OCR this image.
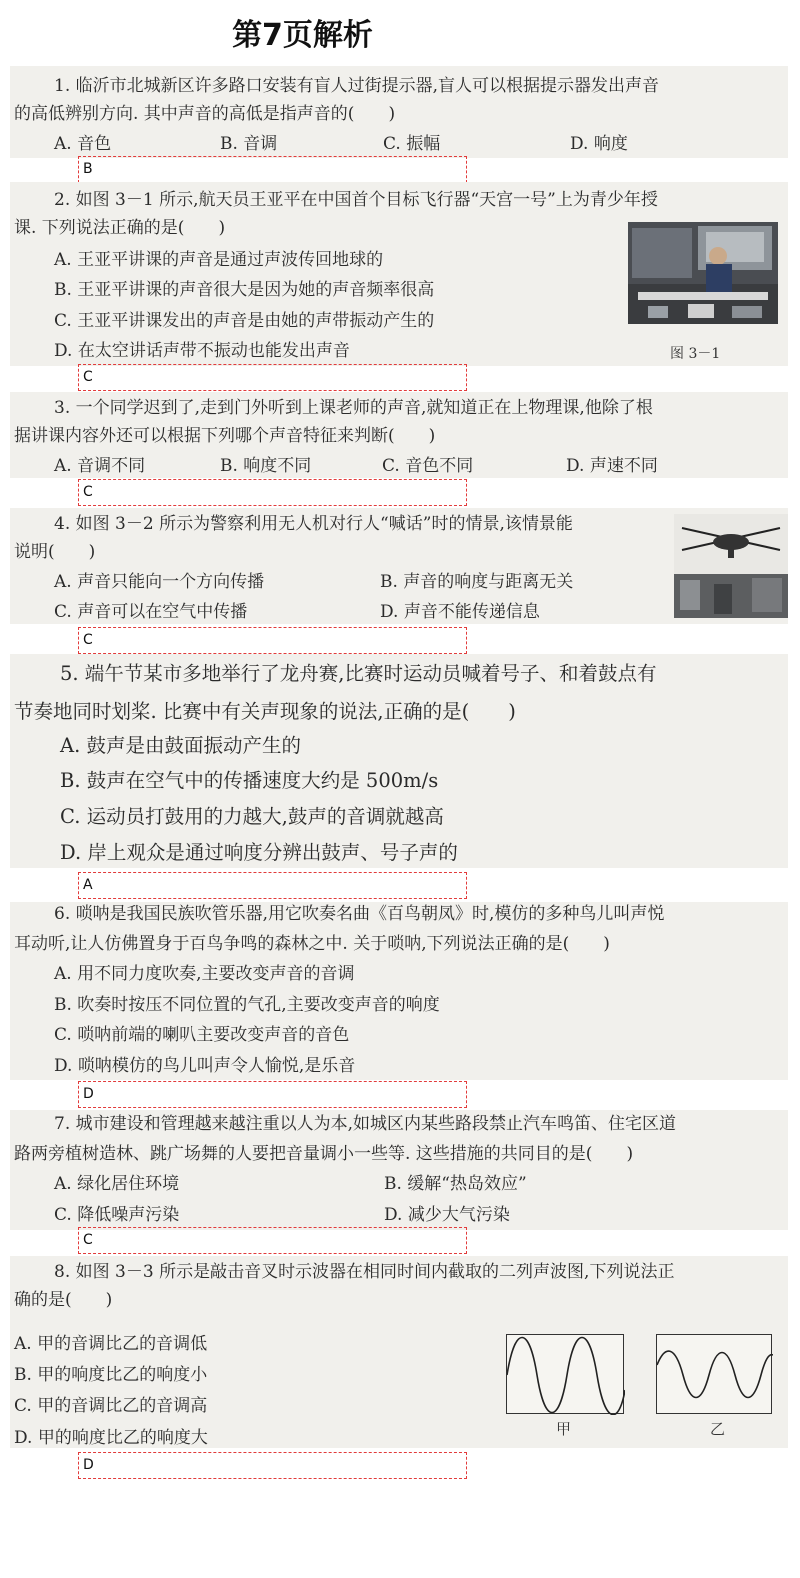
第7页解析
1. 临沂市北城新区许多路口安装有盲人过街提示器,盲人可以根据提示器发出声音
的高低辨别方向. 其中声音的高低是指声音的(　　)
A. 音色	B. 音调	C. 振幅	D. 响度
B
2. 如图 3－1 所示,航天员王亚平在中国首个目标飞行器“天宫一号”上为青少年授
课. 下列说法正确的是(　　)
A. 王亚平讲课的声音是通过声波传回地球的
B. 王亚平讲课的声音很大是因为她的声音频率很高
C. 王亚平讲课发出的声音是由她的声带振动产生的
D. 在太空讲话声带不振动也能发出声音	图 3－1
C
3. 一个同学迟到了,走到门外听到上课老师的声音,就知道正在上物理课,他除了根
据讲课内容外还可以根据下列哪个声音特征来判断(　　)
A. 音调不同	B. 响度不同	C. 音色不同	D. 声速不同
C
4. 如图 3－2 所示为警察利用无人机对行人“喊话”时的情景,该情景能
说明(　　)
A. 声音只能向一个方向传播	B. 声音的响度与距离无关
C. 声音可以在空气中传播	D. 声音不能传递信息
C
5. 端午节某市多地举行了龙舟赛,比赛时运动员喊着号子、和着鼓点有
节奏地同时划桨. 比赛中有关声现象的说法,正确的是(　　)
A. 鼓声是由鼓面振动产生的
B. 鼓声在空气中的传播速度大约是 500m/s
C. 运动员打鼓用的力越大,鼓声的音调就越高
D. 岸上观众是通过响度分辨出鼓声、号子声的
A
6. 唢呐是我国民族吹管乐器,用它吹奏名曲《百鸟朝凤》时,模仿的多种鸟儿叫声悦
耳动听,让人仿佛置身于百鸟争鸣的森林之中. 关于唢呐,下列说法正确的是(　　)
A. 用不同力度吹奏,主要改变声音的音调
B. 吹奏时按压不同位置的气孔,主要改变声音的响度
C. 唢呐前端的喇叭主要改变声音的音色
D. 唢呐模仿的鸟儿叫声令人愉悦,是乐音
D
7. 城市建设和管理越来越注重以人为本,如城区内某些路段禁止汽车鸣笛、住宅区道
路两旁植树造林、跳广场舞的人要把音量调小一些等. 这些措施的共同目的是(　　)
A. 绿化居住环境	B. 缓解“热岛效应”
C. 降低噪声污染	D. 减少大气污染
C
8. 如图 3－3 所示是敲击音叉时示波器在相同时间内截取的二列声波图,下列说法正
确的是(　　)
A. 甲的音调比乙的音调低
B. 甲的响度比乙的响度小
C. 甲的音调比乙的音调高
D. 甲的响度比乙的响度大	甲	乙
D
